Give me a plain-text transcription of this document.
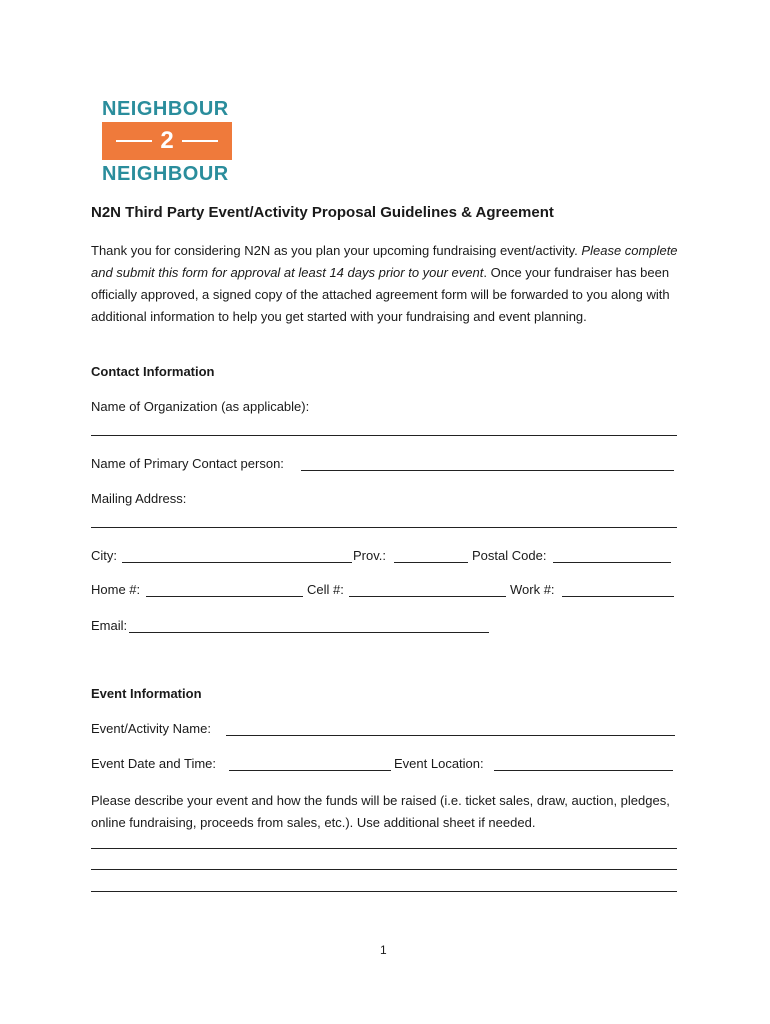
NEIGHBOUR
2
NEIGHBOUR
N2N Third Party Event/Activity Proposal Guidelines & Agreement
Thank you for considering N2N as you plan your upcoming fundraising event/activity. Please complete and submit this form for approval at least 14 days prior to your event. Once your fundraiser has been officially approved, a signed copy of the attached agreement form will be forwarded to you along with additional information to help you get started with your fundraising and event planning.
Contact Information
Name of Organization (as applicable):
Name of Primary Contact person:
Mailing Address:
City:	Prov.:	Postal Code:
Home #:	Cell #:	Work #:
Email:
Event Information
Event/Activity Name:
Event Date and Time:	Event Location:
Please describe your event and how the funds will be raised (i.e. ticket sales, draw, auction, pledges, online fundraising, proceeds from sales, etc.). Use additional sheet if needed.
1
